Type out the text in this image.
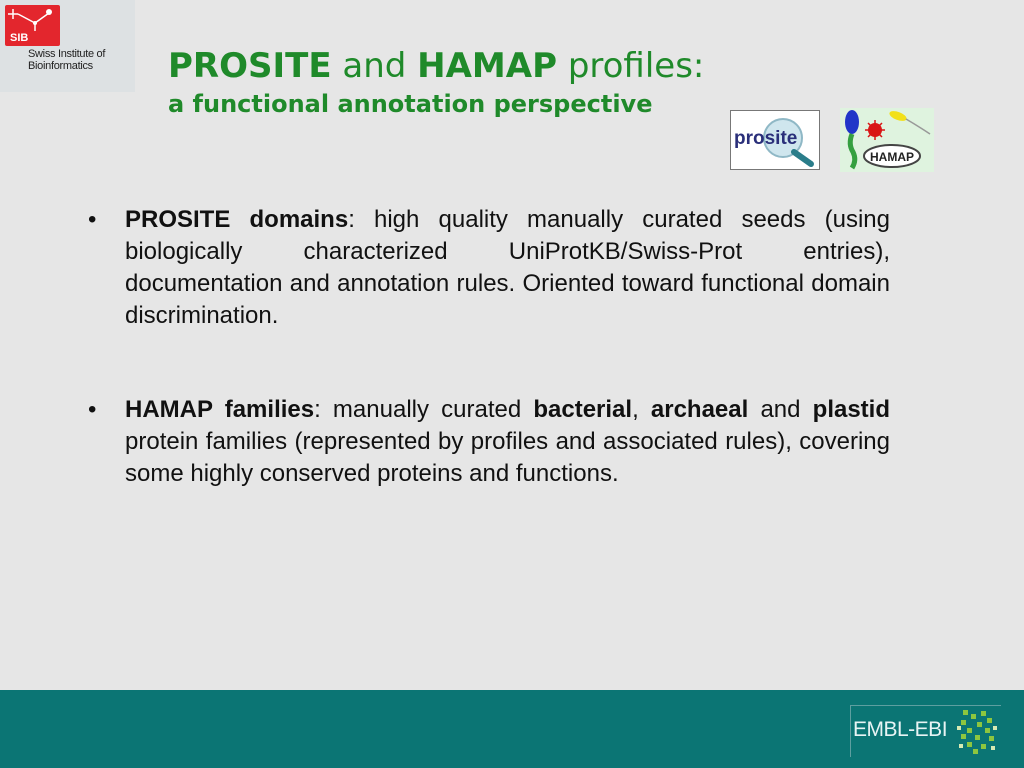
SIB
Swiss Institute of
Bioinformatics	PROSITE and HAMAP profiles:
a functional annotation perspective
prosite
HAMAP
• PROSITE domains: high quality manually curated seeds (using biologically characterized UniProtKB/Swiss-Prot entries), documentation and annotation rules. Oriented toward functional domain discrimination.
• HAMAP families: manually curated bacterial, archaeal and plastid protein families (represented by profiles and associated rules), covering some highly conserved proteins and functions.
EMBL-EBI
